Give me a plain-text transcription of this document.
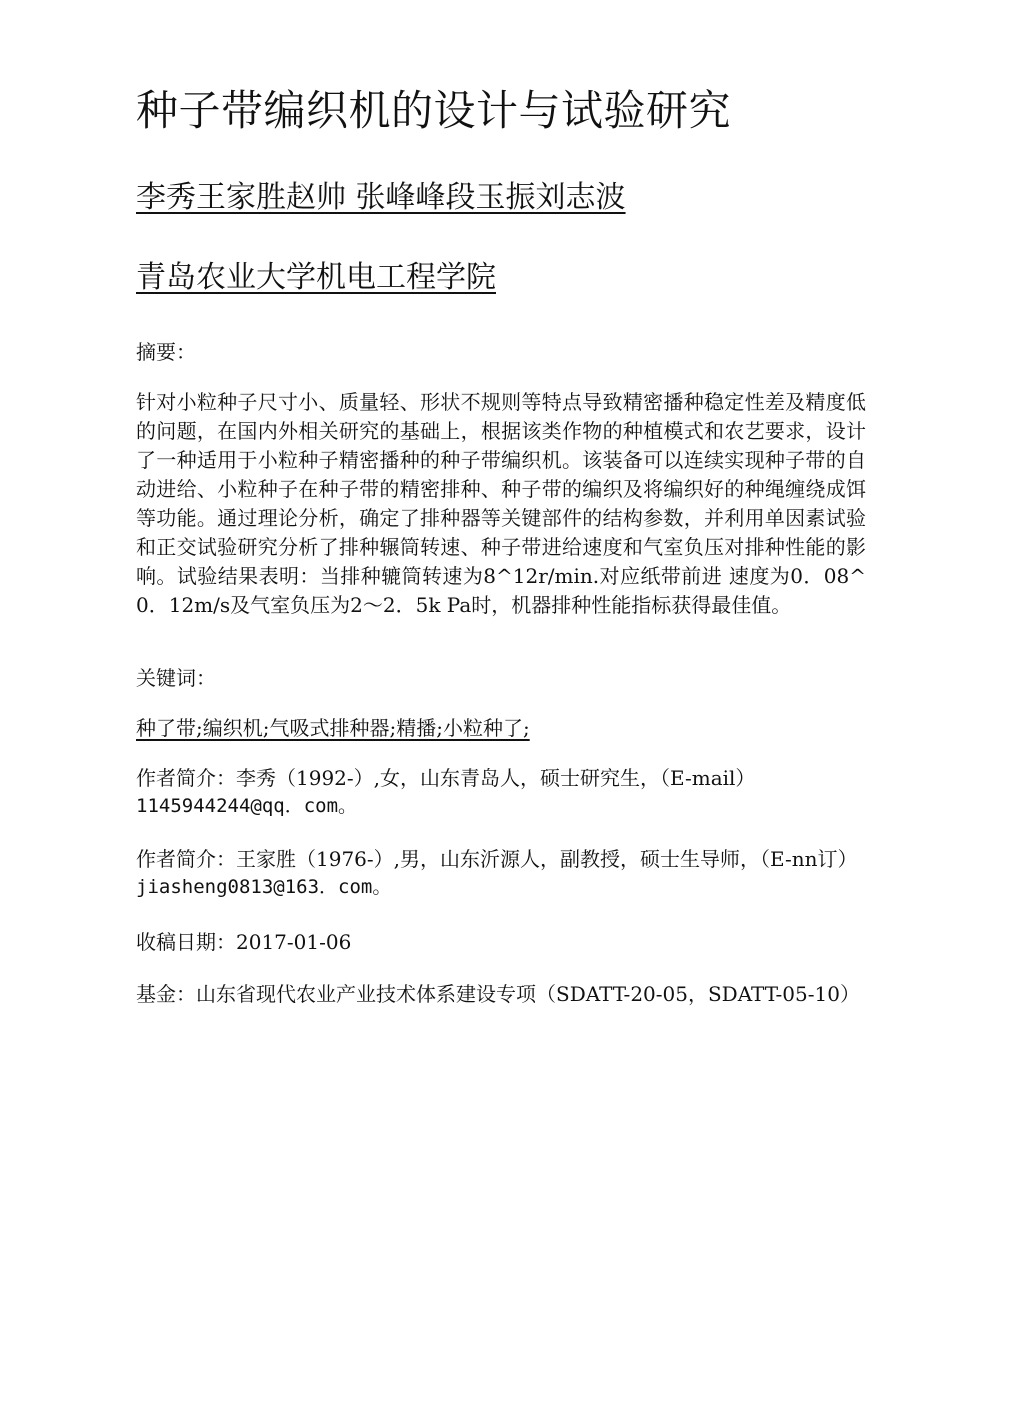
种子带编织机的设计与试验研究

李秀王家胜赵帅 张峰峰段玉振刘志波

青岛农业大学机电工程学院

摘要：

针对小粒种子尺寸小、质量轻、形状不规则等特点导致精密播种稳定性差及精度低的问题，在国内外相关研究的基础上，根据该类作物的种植模式和农艺要求，设计了一种适用于小粒种子精密播种的种子带编织机。该装备可以连续实现种子带的自动进给、小粒种子在种子带的精密排种、种子带的编织及将编织好的种绳缠绕成饵等功能。通过理论分析，确定了排种器等关键部件的结构参数，并利用单因素试验和正交试验研究分析了排种辗筒转速、种子带进给速度和气室负压对排种性能的影响。试验结果表明：当排种辘筒转速为8^12r/min.对应纸带前进 速度为0．08^0．12m/s及气室负压为2～2．5k Pa时，机器排种性能指标获得最佳值。

关键词：

种了带;编织机;气吸式排种器;精播;小粒种了;

作者简介：李秀（1992-）,女，山东青岛人，硕士研究生，（E-mail）
1145944244@qq．com。
作者简介：王家胜（1976-）,男，山东沂源人，副教授，硕士生导师，（E-nn订）
jiasheng0813@163．com。

收稿日期：2017-01-06

基金：山东省现代农业产业技术体系建设专项（SDATT-20-05，SDATT-05-10）
